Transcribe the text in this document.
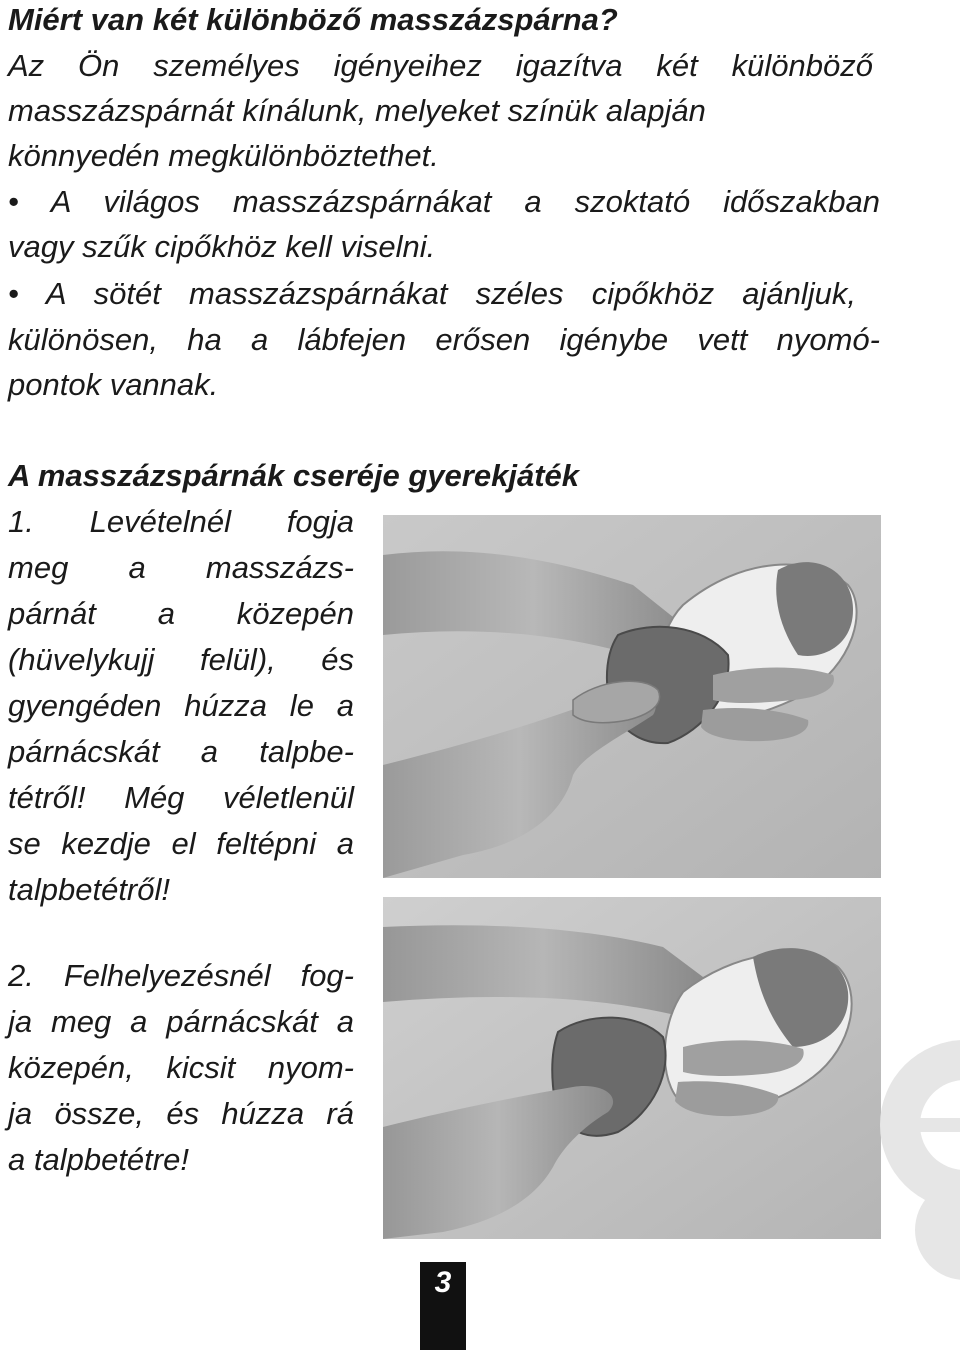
Miért van két különböző masszázspárna?
Az Ön személyes igényeihez igazítva két különböző
masszázspárnát kínálunk, melyeket színük alapján
könnyedén megkülönböztethet.
• A világos masszázspárnákat a szoktató időszakban
vagy szűk cipőkhöz kell viselni.
• A sötét masszázspárnákat széles cipőkhöz ajánljuk,
különösen, ha a lábfejen erősen igénybe vett nyomó-
pontok vannak.
A masszázspárnák cseréje gyerekjáték
1. Levételnél fogja
meg a masszázs-
párnát a közepén
(hüvelykujj felül), és
gyengéden húzza le a
párnácskát a talpbe-
tétről! Még véletlenül
se kezdje el feltépni a
talpbetétről!
2. Felhelyezésnél fog-
ja meg a párnácskát a
közepén, kicsit nyom-
ja össze, és húzza rá
a talpbetétre!
3
